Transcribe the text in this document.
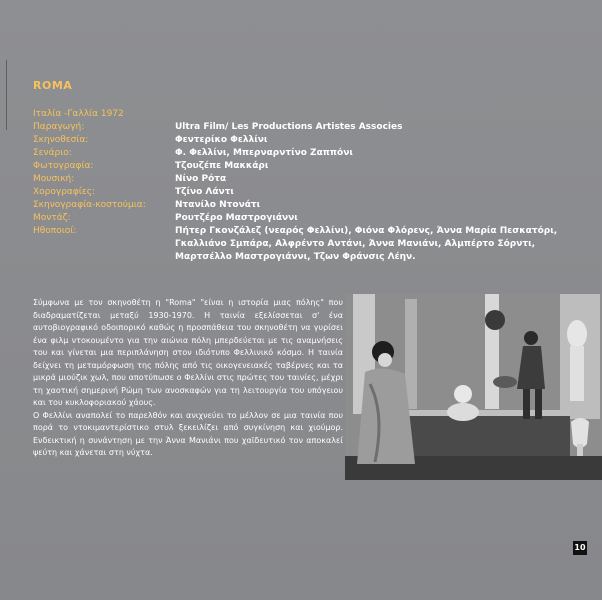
ROMA
Ιταλία -Γαλλία 1972
Παραγωγή:	Ultra Film/ Les Productions Artistes Associes
Σκηνοθεσία:	Φεντερίκο Φελλίνι
Σενάριο:	Φ. Φελλίνι, Μπερναρντίνο Ζαππόνι
Φωτογραφία:	Τζουζέπε Μακκάρι
Μουσική:	Νίνο Ρότα
Χορογραφίες:	Τζίνο Λάντι
Σκηνογραφία-κοστούμια:	Ντανίλο Ντονάτι
Μοντάζ:	Ρουτζέρο Μαστρογιάννι
Ηθοποιοί:	Πήτερ Γκονζάλεζ (νεαρός Φελλίνι), Φιόνα Φλόρενς, Άννα Μαρία Πεσκατόρι,
Γκαλλιάνο Σμπάρα, Αλφρέντο Αντάνι, Άννα Μανιάνι, Αλμπέρτο Σόρντι,
Μαρτσέλλο Μαστρογιάννι, Τζων Φράνσις Λέην.

Σύμφωνα με τον σκηνοθέτη η "Roma" "είναι η ιστορία μιας πόλης" που διαδραματίζεται μεταξύ 1930-1970. Η ταινία εξελίσσεται σ' ένα αυτοβιογραφικό οδοιπορικό καθώς η προσπάθεια του σκηνοθέτη να γυρίσει ένα φιλμ ντοκουμέντο για την αιώνια πόλη μπερδεύεται με τις αναμνήσεις του και γίνεται μια περιπλάνηση στον ιδιότυπο Φελλινικό κόσμο. Η ταινία δείχνει τη μεταμόρφωση της πόλης από τις οικογενειακές ταβέρνες και τα μικρά μιούζικ χωλ, που αποτύπωσε ο Φελλίνι στις πρώτες του ταινίες, μέχρι τη χαοτική σημερινή Ρώμη των ανοσκαφών για τη λειτουργία του υπόγειου και του κυκλοφοριακού χάους.

Ο Φελλίνι αναπολεί το παρελθόν και ανιχνεύει το μέλλον σε μια ταινία που πορά το ντοκιμαντερίστικο στυλ ξεκειλίζει από συγκίνηση και χιούμορ. Ενδεικτική η συνάντηση με την Άννα Μανιάνι που χαϊδευτικό τον αποκαλεί ψεύτη και χάνεται στη νύχτα.

10
